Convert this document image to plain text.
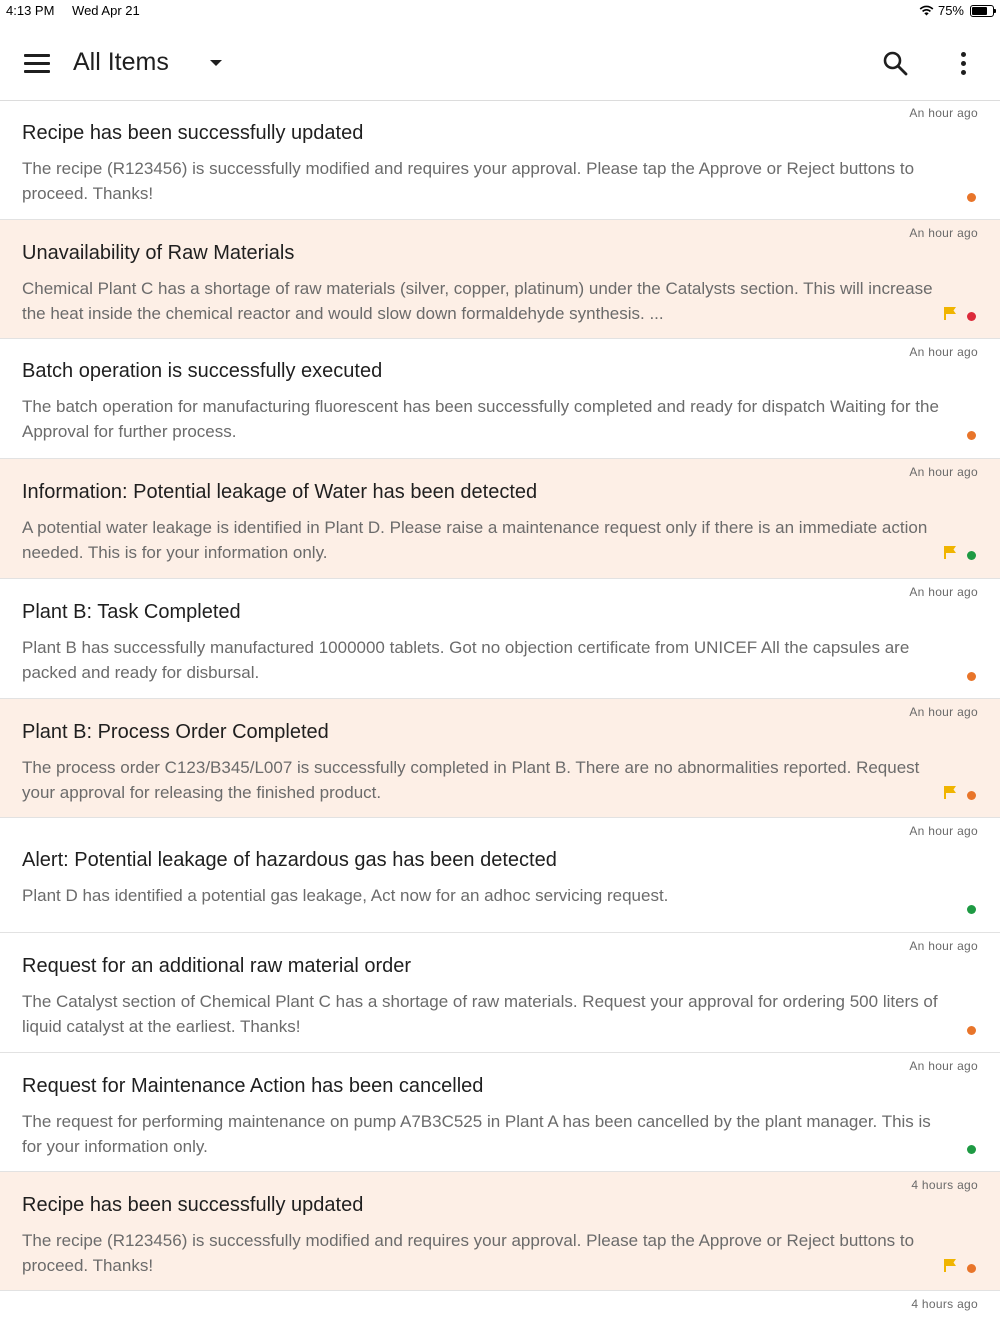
4:13 PM Wed Apr 21	75%
All Items
An hour ago
Recipe has been successfully updated
The recipe (R123456) is successfully modified and requires your approval. Please tap the Approve or Reject buttons to proceed. Thanks!
An hour ago
Unavailability of Raw Materials
Chemical Plant C has a shortage of raw materials (silver, copper, platinum) under the Catalysts section. This will increase the heat inside the chemical reactor and would slow down formaldehyde synthesis. ...
An hour ago
Batch operation is successfully executed
The batch operation for manufacturing fluorescent has been successfully completed and ready for dispatch Waiting for the Approval for further process.
An hour ago
Information: Potential leakage of Water has been detected
A potential water leakage is identified in Plant D. Please raise a maintenance request only if there is an immediate action needed. This is for your information only.
An hour ago
Plant B: Task Completed
Plant B has successfully manufactured 1000000 tablets. Got no objection certificate from UNICEF All the capsules are packed and ready for disbursal.
An hour ago
Plant B: Process Order Completed
The process order C123/B345/L007 is successfully completed in Plant B. There are no abnormalities reported. Request your approval for releasing the finished product.
An hour ago
Alert: Potential leakage of hazardous gas has been detected
Plant D has identified a potential gas leakage, Act now for an adhoc servicing request.
An hour ago
Request for an additional raw material order
The Catalyst section of Chemical Plant C has a shortage of raw materials. Request your approval for ordering 500 liters of liquid catalyst at the earliest. Thanks!
An hour ago
Request for Maintenance Action has been cancelled
The request for performing maintenance on pump A7B3C525 in Plant A has been cancelled by the plant manager. This is for your information only.
4 hours ago
Recipe has been successfully updated
The recipe (R123456) is successfully modified and requires your approval. Please tap the Approve or Reject buttons to proceed. Thanks!
4 hours ago
